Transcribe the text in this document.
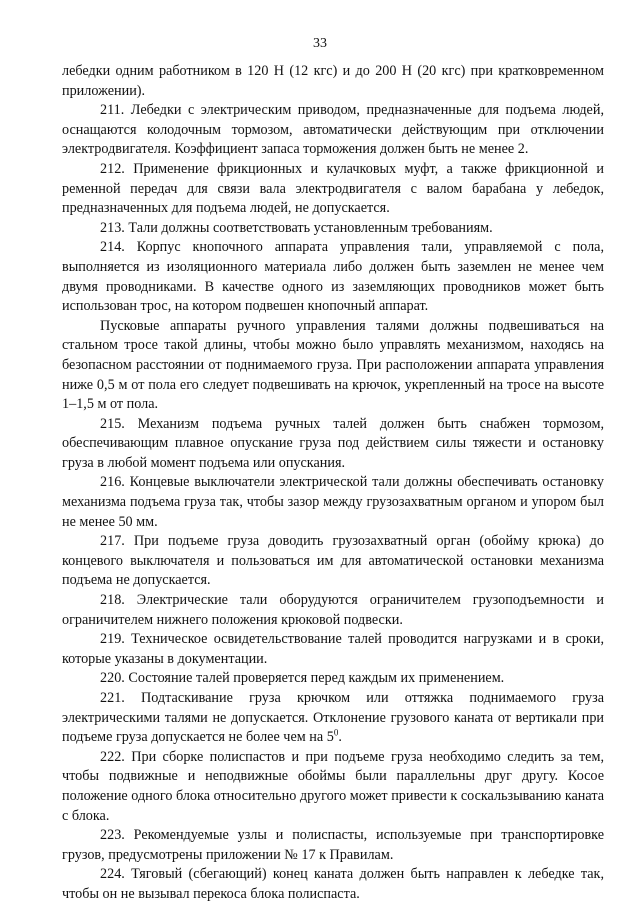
33

лебедки одним работником в 120 Н (12 кгс) и до 200 Н (20 кгс) при кратковременном приложении).

211. Лебедки с электрическим приводом, предназначенные для подъема людей, оснащаются колодочным тормозом, автоматически действующим при отключении электродвигателя. Коэффициент запаса торможения должен быть не менее 2.

212. Применение фрикционных и кулачковых муфт, а также фрикционной и ременной передач для связи вала электродвигателя с валом барабана у лебедок, предназначенных для подъема людей, не допускается.

213. Тали должны соответствовать установленным требованиям.

214. Корпус кнопочного аппарата управления тали, управляемой с пола, выполняется из изоляционного материала либо должен быть заземлен не менее чем двумя проводниками. В качестве одного из заземляющих проводников может быть использован трос, на котором подвешен кнопочный аппарат.

Пусковые аппараты ручного управления талями должны подвешиваться на стальном тросе такой длины, чтобы можно было управлять механизмом, находясь на безопасном расстоянии от поднимаемого груза. При расположении аппарата управления ниже 0,5 м от пола его следует подвешивать на крючок, укрепленный на тросе на высоте 1–1,5 м от пола.

215. Механизм подъема ручных талей должен быть снабжен тормозом, обеспечивающим плавное опускание груза под действием силы тяжести и остановку груза в любой момент подъема или опускания.

216. Концевые выключатели электрической тали должны обеспечивать остановку механизма подъема груза так, чтобы зазор между грузозахватным органом и упором был не менее 50 мм.

217. При подъеме груза доводить грузозахватный орган (обойму крюка) до концевого выключателя и пользоваться им для автоматической остановки механизма подъема не допускается.

218. Электрические тали оборудуются ограничителем грузоподъемности и ограничителем нижнего положения крюковой подвески.

219. Техническое освидетельствование талей проводится нагрузками и в сроки, которые указаны в документации.

220. Состояние талей проверяется перед каждым их применением.

221. Подтаскивание груза крючком или оттяжка поднимаемого груза электрическими талями не допускается. Отклонение грузового каната от вертикали при подъеме груза допускается не более чем на $5^0$.

222. При сборке полиспастов и при подъеме груза необходимо следить за тем, чтобы подвижные и неподвижные обоймы были параллельны друг другу. Косое положение одного блока относительно другого может привести к соскальзыванию каната с блока.

223. Рекомендуемые узлы и полиспасты, используемые при транспортировке грузов, предусмотрены приложении № 17 к Правилам.

224. Тяговый (сбегающий) конец каната должен быть направлен к лебедке так, чтобы он не вызывал перекоса блока полиспаста.
